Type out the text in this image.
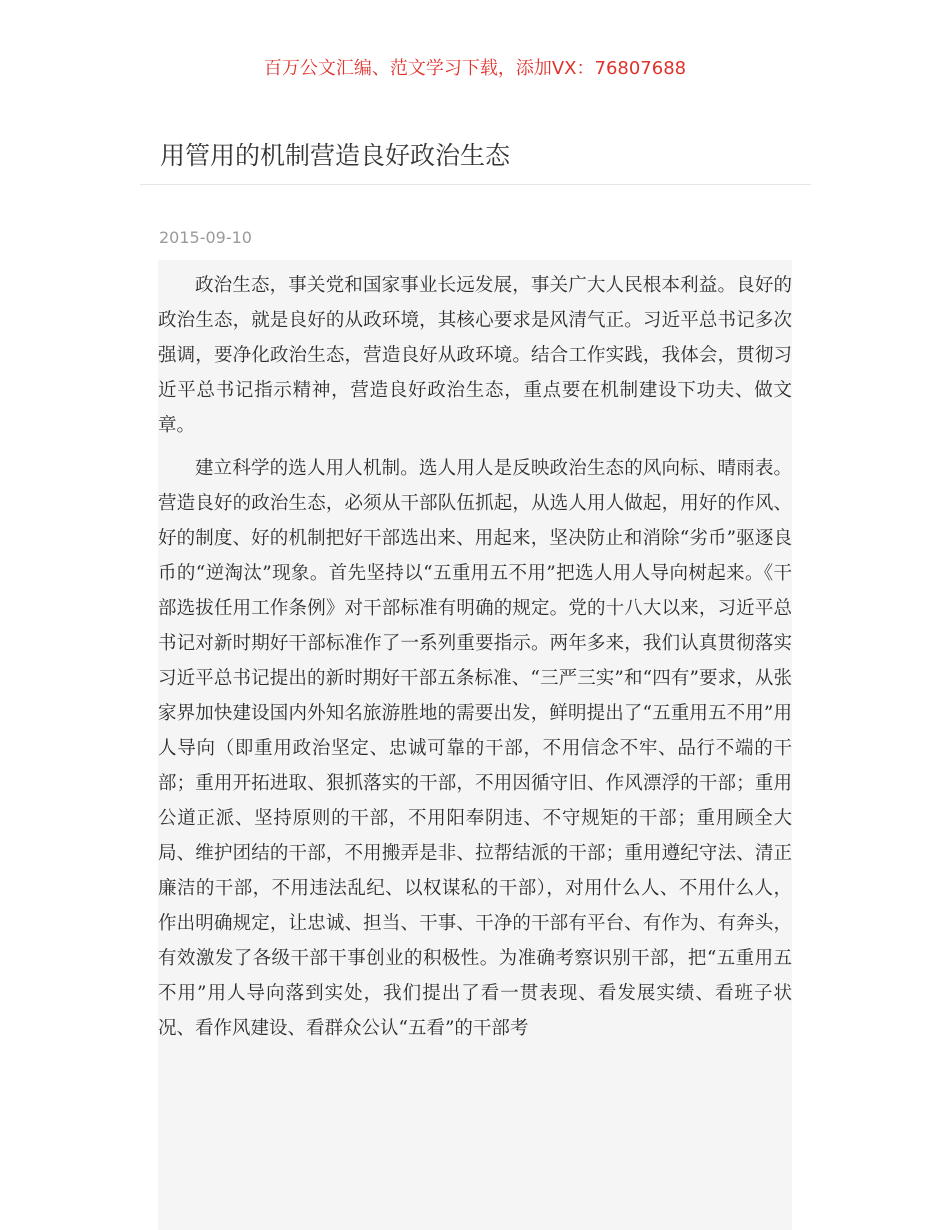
百万公文汇编、范文学习下载，添加VX：76807688
用管用的机制营造良好政治生态
2015-09-10

政治生态，事关党和国家事业长远发展，事关广大人民根本利益。良好的政治生态，就是良好的从政环境，其核心要求是风清气正。习近平总书记多次强调，要净化政治生态，营造良好从政环境。结合工作实践，我体会，贯彻习近平总书记指示精神，营造良好政治生态，重点要在机制建设下功夫、做文章。

建立科学的选人用人机制。选人用人是反映政治生态的风向标、晴雨表。营造良好的政治生态，必须从干部队伍抓起，从选人用人做起，用好的作风、好的制度、好的机制把好干部选出来、用起来，坚决防止和消除“劣币”驱逐良币的“逆淘汰”现象。首先坚持以“五重用五不用”把选人用人导向树起来。《干部选拔任用工作条例》对干部标准有明确的规定。党的十八大以来，习近平总书记对新时期好干部标准作了一系列重要指示。两年多来，我们认真贯彻落实习近平总书记提出的新时期好干部五条标准、“三严三实”和“四有”要求，从张家界加快建设国内外知名旅游胜地的需要出发，鲜明提出了“五重用五不用”用人导向（即重用政治坚定、忠诚可靠的干部，不用信念不牢、品行不端的干部；重用开拓进取、狠抓落实的干部，不用因循守旧、作风漂浮的干部；重用公道正派、坚持原则的干部，不用阳奉阴违、不守规矩的干部；重用顾全大局、维护团结的干部，不用搬弄是非、拉帮结派的干部；重用遵纪守法、清正廉洁的干部，不用违法乱纪、以权谋私的干部），对用什么人、不用什么人，作出明确规定，让忠诚、担当、干事、干净的干部有平台、有作为、有奔头，有效激发了各级干部干事创业的积极性。为准确考察识别干部，把“五重用五不用”用人导向落到实处，我们提出了看一贯表现、看发展实绩、看班子状况、看作风建设、看群众公认“五看”的干部考
